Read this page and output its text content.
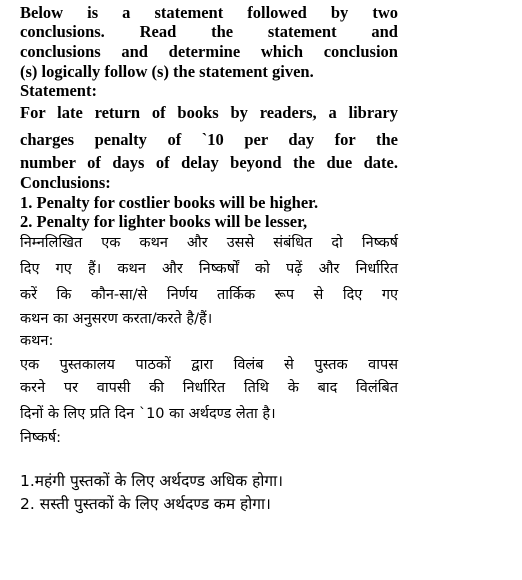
Below is a statement followed by two
conclusions. Read the statement and
conclusions and determine which conclusion
(s) logically follow (s) the statement given.
Statement:
For late return of books by readers, a library
charges penalty of `10 per day for the
number of days of delay beyond the due date.
Conclusions:
1. Penalty for costlier books will be higher.
2. Penalty for lighter books will be lesser,
निम्नलिखित एक कथन और उससे संबंधित दो निष्कर्ष
दिए गए हैं। कथन और निष्कर्षों को पढ़ें और निर्धारित
करें कि कौन-सा/से निर्णय तार्किक रूप से दिए गए
कथन का अनुसरण करता/करते है/हैं।
कथन:
एक पुस्तकालय पाठकों द्वारा विलंब से पुस्तक वापस
करने पर वापसी की निर्धारित तिथि के बाद विलंबित
दिनों के लिए प्रति दिन `10 का अर्थदण्ड लेता है।
निष्कर्ष:
1.महंगी पुस्तकों के लिए अर्थदण्ड अधिक होगा।
2. सस्ती पुस्तकों के लिए अर्थदण्ड कम होगा।
